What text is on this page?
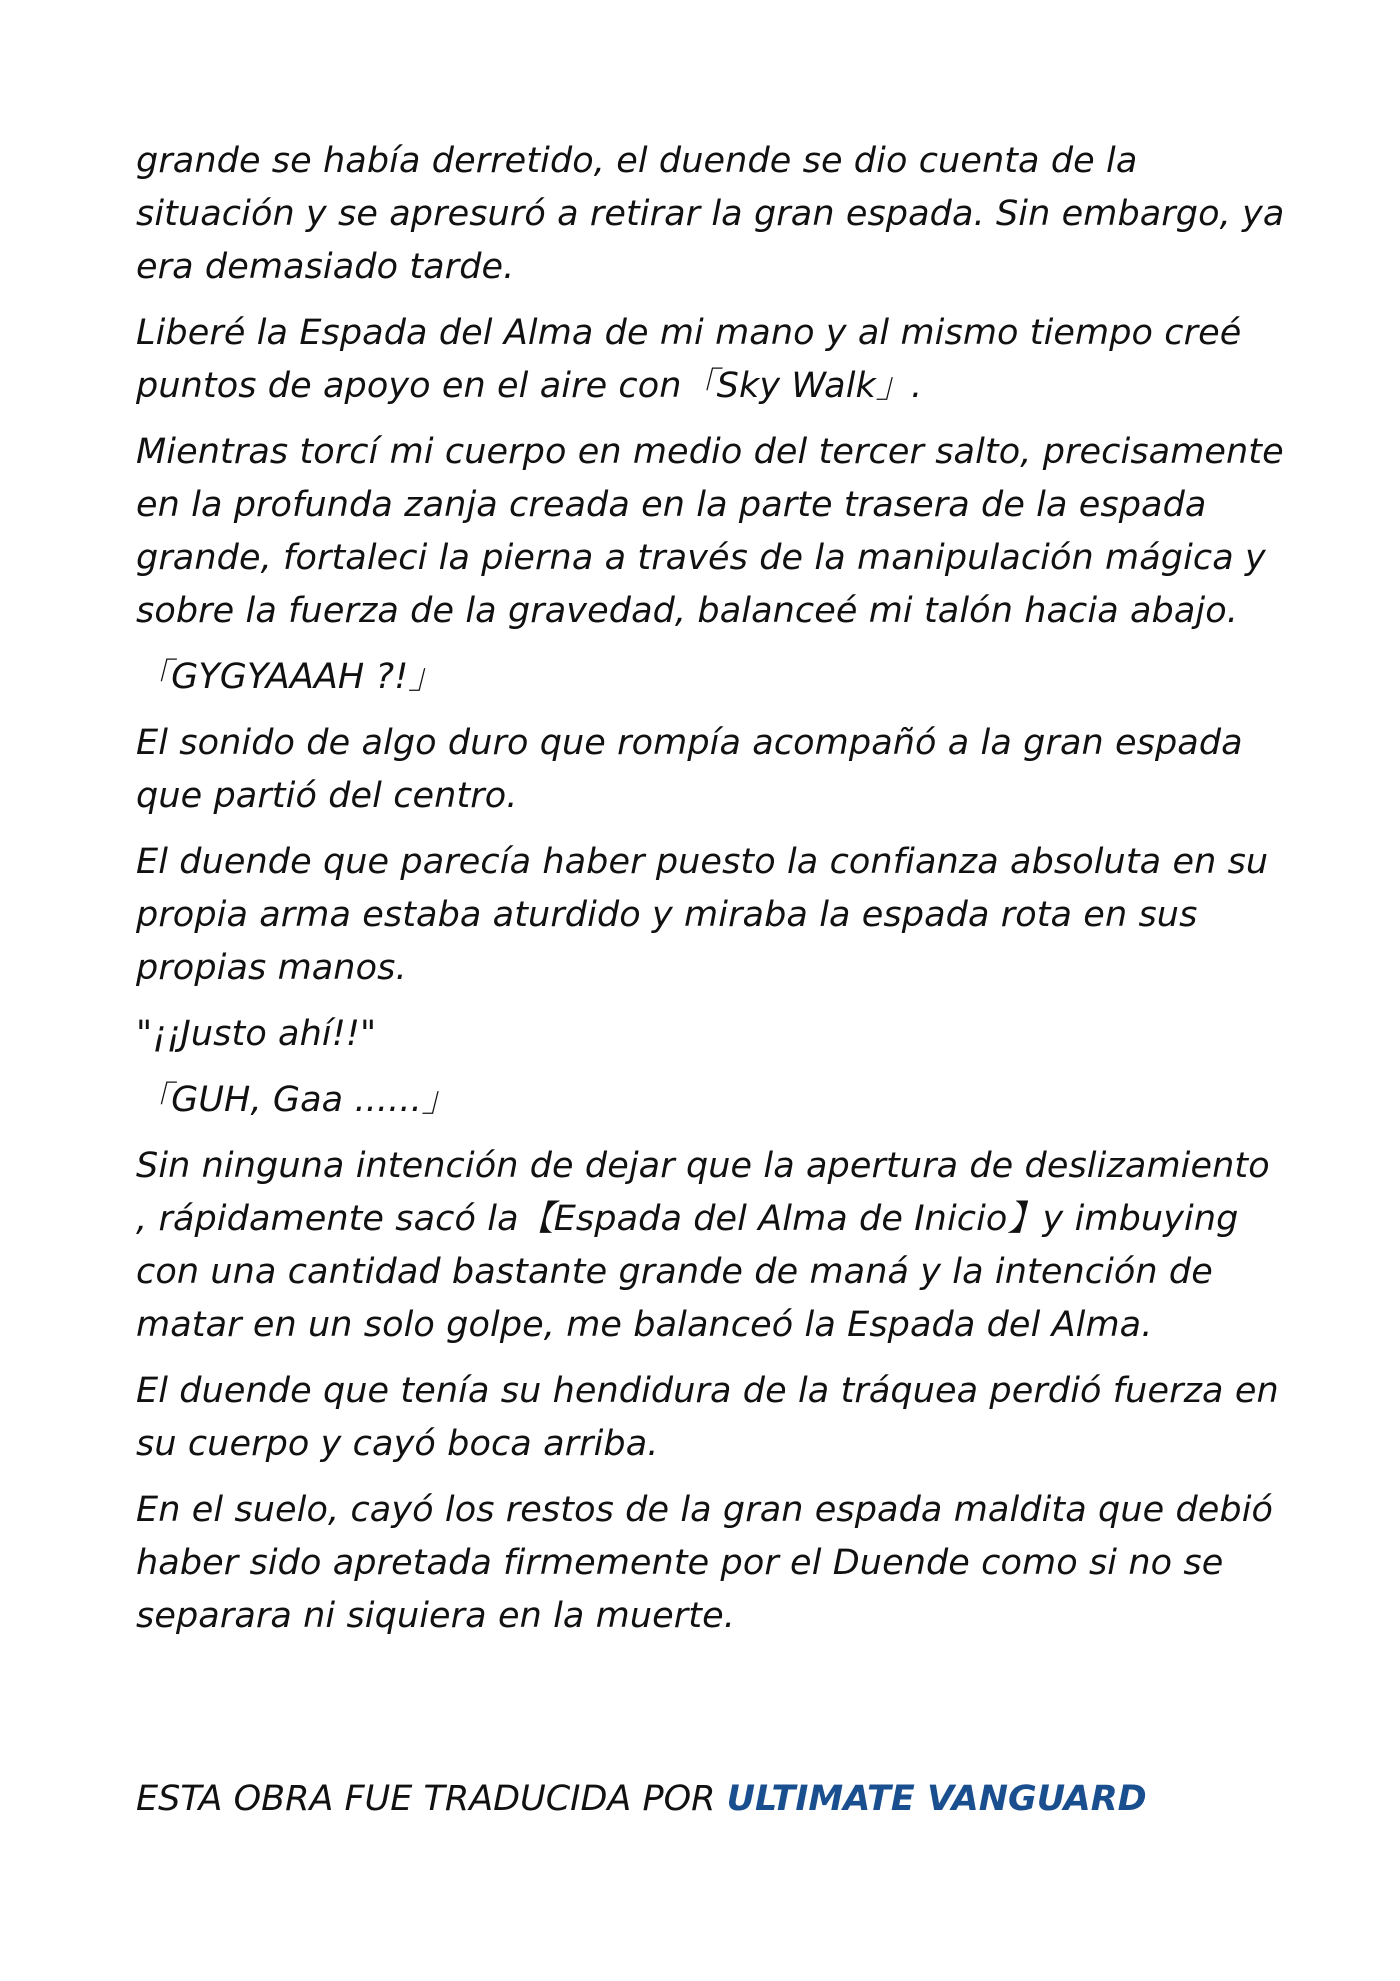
grande se había derretido, el duende se dio cuenta de la situación y se apresuró a retirar la gran espada. Sin embargo, ya era demasiado tarde.

Liberé la Espada del Alma de mi mano y al mismo tiempo creé puntos de apoyo en el aire con「Sky Walk」.

Mientras torcí mi cuerpo en medio del tercer salto, precisamente en la profunda zanja creada en la parte trasera de la espada grande, fortaleci la pierna a través de la manipulación mágica y sobre la fuerza de la gravedad, balanceé mi talón hacia abajo.

「GYGYAAAH ?!」

El sonido de algo duro que rompía acompañó a la gran espada que partió del centro.

El duende que parecía haber puesto la confianza absoluta en su propia arma estaba aturdido y miraba la espada rota en sus propias manos.

"¡¡Justo ahí!!"

「GUH, Gaa ......」

Sin ninguna intención de dejar que la apertura de deslizamiento , rápidamente sacó la【Espada del Alma de Inicio】y imbuying con una cantidad bastante grande de maná y la intención de matar en un solo golpe, me balanceó la Espada del Alma.

El duende que tenía su hendidura de la tráquea perdió fuerza en su cuerpo y cayó boca arriba.

En el suelo, cayó los restos de la gran espada maldita que debió haber sido apretada firmemente por el Duende como si no se separara ni siquiera en la muerte.

ESTA OBRA FUE TRADUCIDA POR ULTIMATE VANGUARD
